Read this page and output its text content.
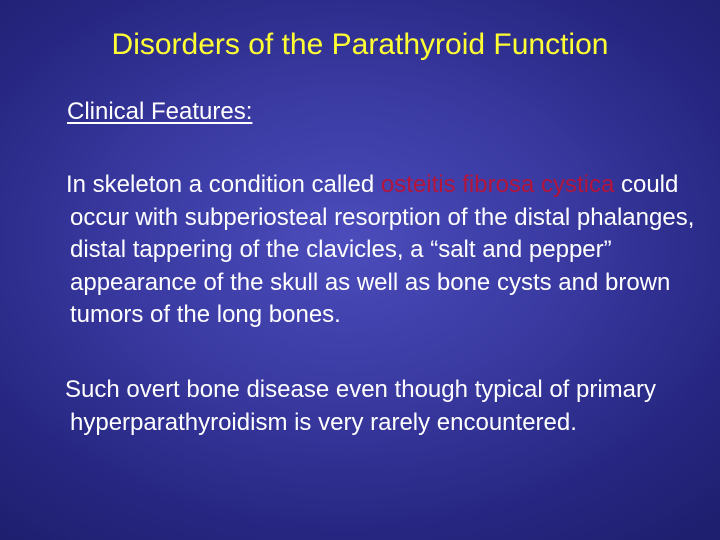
Disorders of the Parathyroid Function
Clinical Features:

In skeleton a condition called osteitis fibrosa cystica could occur with subperiosteal resorption of the distal phalanges, distal tappering of the clavicles, a “salt and pepper” appearance of the skull as well as bone cysts and brown tumors of the long bones.

Such overt bone disease even though typical of primary hyperparathyroidism is very rarely encountered.
